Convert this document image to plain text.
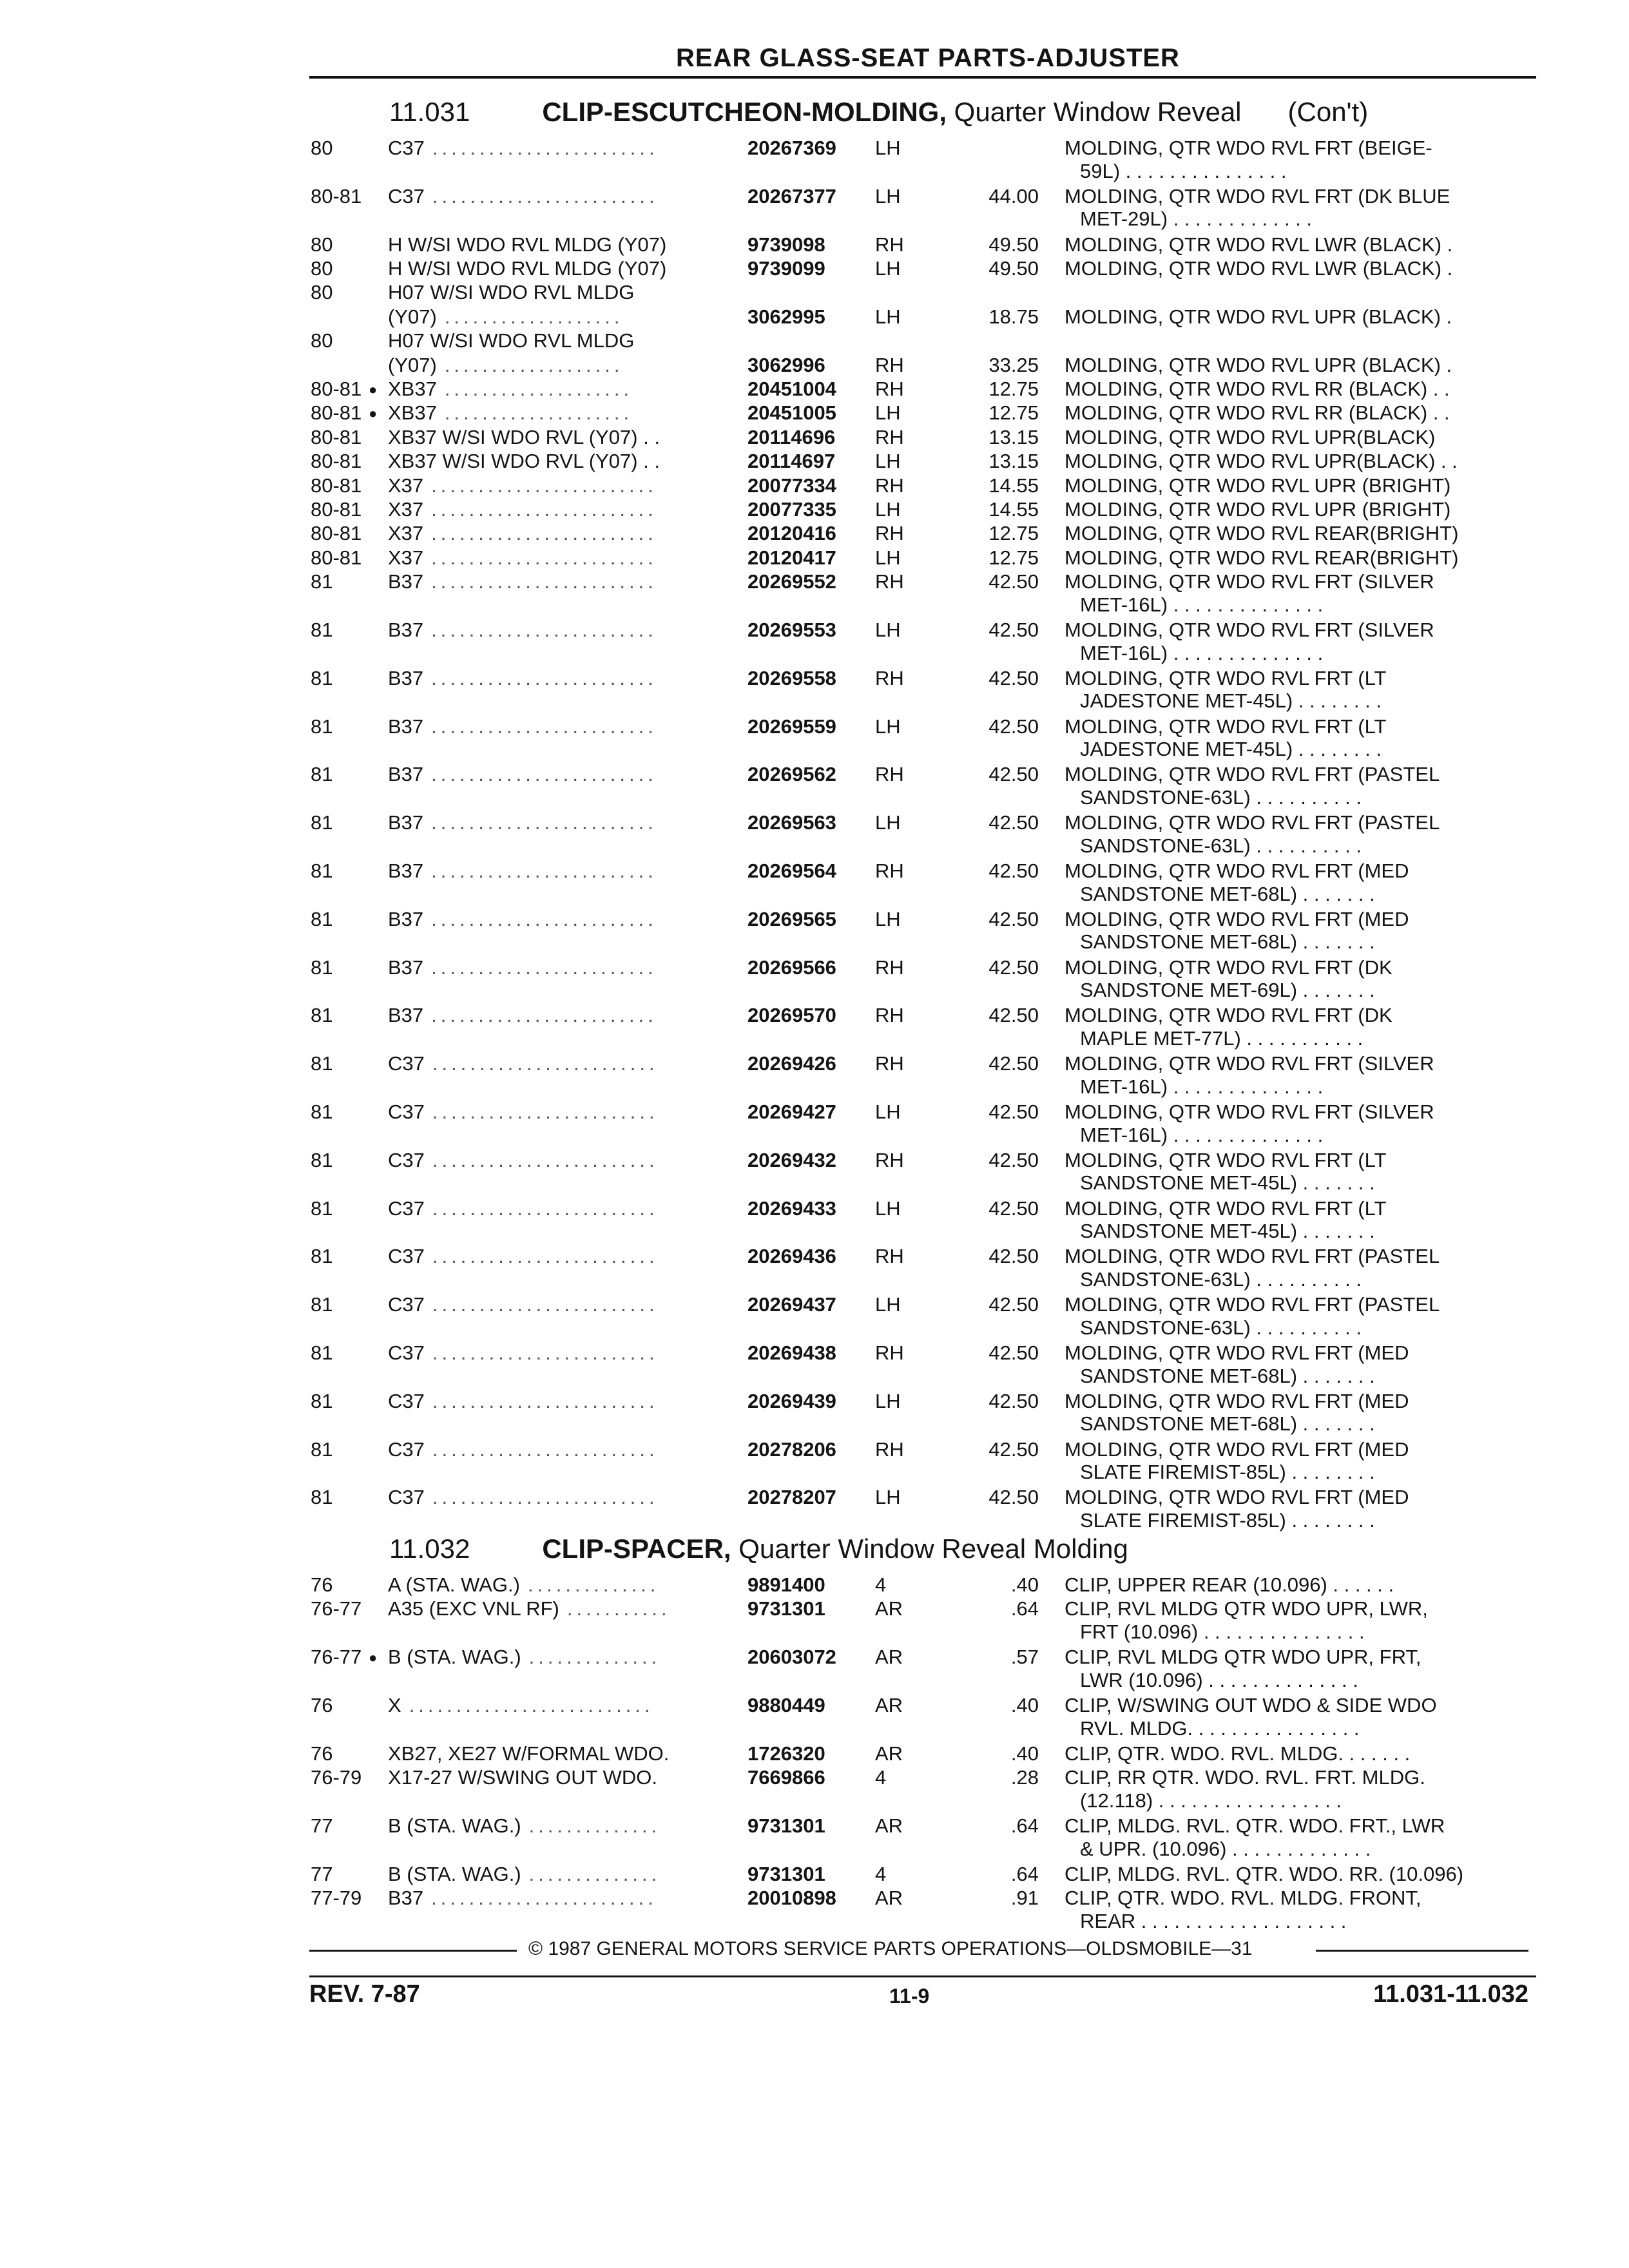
REAR GLASS-SEAT PARTS-ADJUSTER
11.031	CLIP-ESCUTCHEON-MOLDING, Quarter Window Reveal (Con't)
11.032	CLIP-SPACER, Quarter Window Reveal Molding
80	C37	20267369 LH	MOLDING, QTR WDO RVL FRT (BEIGE-
........................
59L) . . . . . . . . . . . . . . .
80-81 C37	20267377 LH	44.00 MOLDING, QTR WDO RVL FRT (DK BLUE
........................
MET-29L) . . . . . . . . . . . . .
80	H W/SI WDO RVL MLDG (Y07)	9739098 RH	49.50 MOLDING, QTR WDO RVL LWR (BLACK) .
80	H W/SI WDO RVL MLDG (Y07)	9739099 LH	49.50 MOLDING, QTR WDO RVL LWR (BLACK) .
80	H07 W/SI WDO RVL MLDG
(Y07)	3062995 LH	18.75 MOLDING, QTR WDO RVL UPR (BLACK) .
...................
80	H07 W/SI WDO RVL MLDG
(Y07)	3062996 RH	33.25 MOLDING, QTR WDO RVL UPR (BLACK) .
...................
80-81 ● XB37	20451004 RH	12.75 MOLDING, QTR WDO RVL RR (BLACK) . .
....................
80-81 ● XB37	20451005 LH	12.75 MOLDING, QTR WDO RVL RR (BLACK) . .
....................
80-81 XB37 W/SI WDO RVL (Y07) . .	20114696 RH	13.15 MOLDING, QTR WDO RVL UPR(BLACK)
80-81 XB37 W/SI WDO RVL (Y07) . .	20114697 LH	13.15 MOLDING, QTR WDO RVL UPR(BLACK) . .
80-81 X37	20077334 RH	14.55 MOLDING, QTR WDO RVL UPR (BRIGHT)
........................
80-81 X37	20077335 LH	14.55 MOLDING, QTR WDO RVL UPR (BRIGHT)
........................
80-81 X37	20120416 RH	12.75 MOLDING, QTR WDO RVL REAR(BRIGHT)
........................
80-81 X37	20120417 LH	12.75 MOLDING, QTR WDO RVL REAR(BRIGHT)
........................
81	B37	20269552 RH	42.50 MOLDING, QTR WDO RVL FRT (SILVER
........................
MET-16L) . . . . . . . . . . . . . .
81	B37	20269553 LH	42.50 MOLDING, QTR WDO RVL FRT (SILVER
........................
MET-16L) . . . . . . . . . . . . . .
81	B37	20269558 RH	42.50 MOLDING, QTR WDO RVL FRT (LT
........................
JADESTONE MET-45L) . . . . . . . .
81	B37	20269559 LH	42.50 MOLDING, QTR WDO RVL FRT (LT
........................
JADESTONE MET-45L) . . . . . . . .
81	B37	20269562 RH	42.50 MOLDING, QTR WDO RVL FRT (PASTEL
........................
SANDSTONE-63L) . . . . . . . . . .
81	B37	20269563 LH	42.50 MOLDING, QTR WDO RVL FRT (PASTEL
........................
SANDSTONE-63L) . . . . . . . . . .
81	B37	20269564 RH	42.50 MOLDING, QTR WDO RVL FRT (MED
........................
SANDSTONE MET-68L) . . . . . . .
81	B37	20269565 LH	42.50 MOLDING, QTR WDO RVL FRT (MED
........................
SANDSTONE MET-68L) . . . . . . .
81	B37	20269566 RH	42.50 MOLDING, QTR WDO RVL FRT (DK
........................
SANDSTONE MET-69L) . . . . . . .
81	B37	20269570 RH	42.50 MOLDING, QTR WDO RVL FRT (DK
........................
MAPLE MET-77L) . . . . . . . . . . .
81	C37	20269426 RH	42.50 MOLDING, QTR WDO RVL FRT (SILVER
........................
MET-16L) . . . . . . . . . . . . . .
81	C37	20269427 LH	42.50 MOLDING, QTR WDO RVL FRT (SILVER
........................
MET-16L) . . . . . . . . . . . . . .
81	C37	20269432 RH	42.50 MOLDING, QTR WDO RVL FRT (LT
........................
SANDSTONE MET-45L) . . . . . . .
81	C37	20269433 LH	42.50 MOLDING, QTR WDO RVL FRT (LT
........................
SANDSTONE MET-45L) . . . . . . .
81	C37	20269436 RH	42.50 MOLDING, QTR WDO RVL FRT (PASTEL
........................
SANDSTONE-63L) . . . . . . . . . .
81	C37	20269437 LH	42.50 MOLDING, QTR WDO RVL FRT (PASTEL
........................
SANDSTONE-63L) . . . . . . . . . .
81	C37	20269438 RH	42.50 MOLDING, QTR WDO RVL FRT (MED
........................
SANDSTONE MET-68L) . . . . . . .
81	C37	20269439 LH	42.50 MOLDING, QTR WDO RVL FRT (MED
........................
SANDSTONE MET-68L) . . . . . . .
81	C37	20278206 RH	42.50 MOLDING, QTR WDO RVL FRT (MED
........................
SLATE FIREMIST-85L) . . . . . . . .
81	C37	20278207 LH	42.50 MOLDING, QTR WDO RVL FRT (MED
........................
SLATE FIREMIST-85L) . . . . . . . .
76	A (STA. WAG.)	9891400 4	.40 CLIP, UPPER REAR (10.096) . . . . . .
..............
76-77 A35 (EXC VNL RF)	9731301 AR	.64 CLIP, RVL MLDG QTR WDO UPR, LWR,
...........
FRT (10.096) . . . . . . . . . . . . . . .
76-77 ● B (STA. WAG.)	20603072 AR	.57 CLIP, RVL MLDG QTR WDO UPR, FRT,
..............
LWR (10.096) . . . . . . . . . . . . . .
76	X	9880449 AR	.40 CLIP, W/SWING OUT WDO & SIDE WDO
..........................
RVL. MLDG. . . . . . . . . . . . . . . .
76	XB27, XE27 W/FORMAL WDO.	1726320 AR	.40 CLIP, QTR. WDO. RVL. MLDG. . . . . . .
76-79 X17-27 W/SWING OUT WDO.	7669866 4	.28 CLIP, RR QTR. WDO. RVL. FRT. MLDG.
(12.118) . . . . . . . . . . . . . . . . .
77	B (STA. WAG.)	9731301 AR	.64 CLIP, MLDG. RVL. QTR. WDO. FRT., LWR
..............
& UPR. (10.096) . . . . . . . . . . . . .
77	B (STA. WAG.)	9731301 4	.64 CLIP, MLDG. RVL. QTR. WDO. RR. (10.096)
..............
77-79 B37	20010898 AR	.91 CLIP, QTR. WDO. RVL. MLDG. FRONT,
........................
REAR . . . . . . . . . . . . . . . . . . .
© 1987 GENERAL MOTORS SERVICE PARTS OPERATIONS—OLDSMOBILE—31
REV. 7-87	11-9	11.031-11.032
